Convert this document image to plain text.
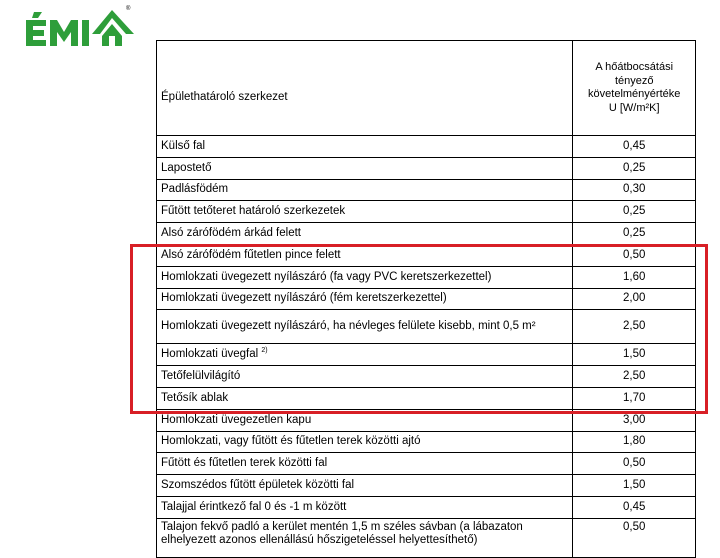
®
Épülethatároló szerkezet	A hőátbocsátási
tényező
követelményértéke
U [W/m²K]

Külső fal	0,45
Lapostető	0,25
Padlásfödém	0,30
Fűtött tetőteret határoló szerkezetek	0,25
Alsó zárófödém árkád felett	0,25
Alsó zárófödém fűtetlen pince felett	0,50
Homlokzati üvegezett nyílászáró (fa vagy PVC keretszerkezettel)	1,60
Homlokzati üvegezett nyílászáró (fém keretszerkezettel)	2,00
Homlokzati üvegezett nyílászáró, ha névleges felülete kisebb, mint 0,5 m²	2,50
Homlokzati üvegfal $^{2)}$	1,50
Tetőfelülvilágító	2,50
Tetősík ablak	1,70
Homlokzati üvegezetlen kapu	3,00
Homlokzati, vagy fűtött és fűtetlen terek közötti ajtó	1,80
Fűtött és fűtetlen terek közötti fal	0,50
Szomszédos fűtött épületek közötti fal	1,50
Talajjal érintkező fal 0 és -1 m között	0,45
Talajon fekvő padló a kerület mentén 1,5 m széles sávban (a lábazaton elhelyezett azonos ellenállású hőszigeteléssel helyettesíthető)	0,50
